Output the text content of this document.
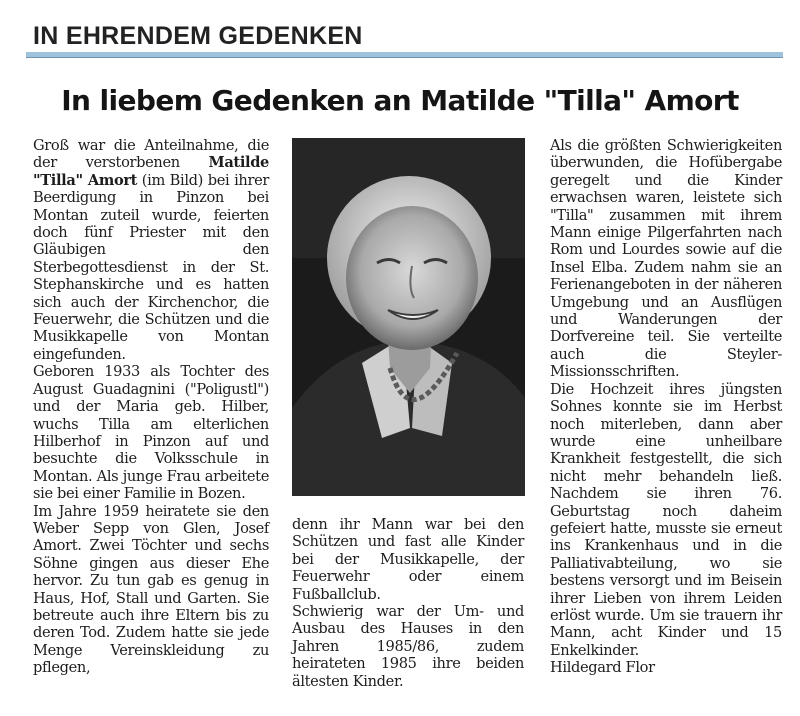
IN EHRENDEM GEDENKEN
In liebem Gedenken an Matilde "Tilla" Amort

Groß war die Anteilnahme, die der verstorbenen Matilde "Tilla" Amort (im Bild) bei ihrer Beerdigung in Pinzon bei Montan zuteil wurde, feierten doch fünf Priester mit den Gläubigen den Sterbegottesdienst in der St. Stephanskirche und es hatten sich auch der Kirchenchor, die Feuerwehr, die Schützen und die Musikkapelle von Montan eingefunden.

Geboren 1933 als Tochter des August Guadagnini ("Poligustl") und der Maria geb. Hilber, wuchs Tilla am elterlichen Hilberhof in Pinzon auf und besuchte die Volksschule in Montan. Als junge Frau arbeitete sie bei einer Familie in Bozen.

Im Jahre 1959 heiratete sie den Weber Sepp von Glen, Josef Amort. Zwei Töchter und sechs Söhne gingen aus dieser Ehe hervor. Zu tun gab es genug in Haus, Hof, Stall und Garten. Sie betreute auch ihre Eltern bis zu deren Tod. Zudem hatte sie jede Menge Vereinskleidung zu pflegen,

denn ihr Mann war bei den Schützen und fast alle Kinder bei der Musikkapelle, der Feuerwehr oder einem Fußballclub.

Schwierig war der Um- und Ausbau des Hauses in den Jahren 1985/86, zudem heirateten 1985 ihre beiden ältesten Kinder.

Als die größten Schwierigkeiten überwunden, die Hofübergabe geregelt und die Kinder erwachsen waren, leistete sich "Tilla" zusammen mit ihrem Mann einige Pilgerfahrten nach Rom und Lourdes sowie auf die Insel Elba. Zudem nahm sie an Ferienangeboten in der näheren Umgebung und an Ausflügen und Wanderungen der Dorfvereine teil. Sie verteilte auch die Steyler-Missionsschriften.

Die Hochzeit ihres jüngsten Sohnes konnte sie im Herbst noch miterleben, dann aber wurde eine unheilbare Krankheit festgestellt, die sich nicht mehr behandeln ließ. Nachdem sie ihren 76. Geburtstag noch daheim gefeiert hatte, musste sie erneut ins Krankenhaus und in die Palliativabteilung, wo sie bestens versorgt und im Beisein ihrer Lieben von ihrem Leiden erlöst wurde. Um sie trauern ihr Mann, acht Kinder und 15 Enkelkinder.

Hildegard Flor
